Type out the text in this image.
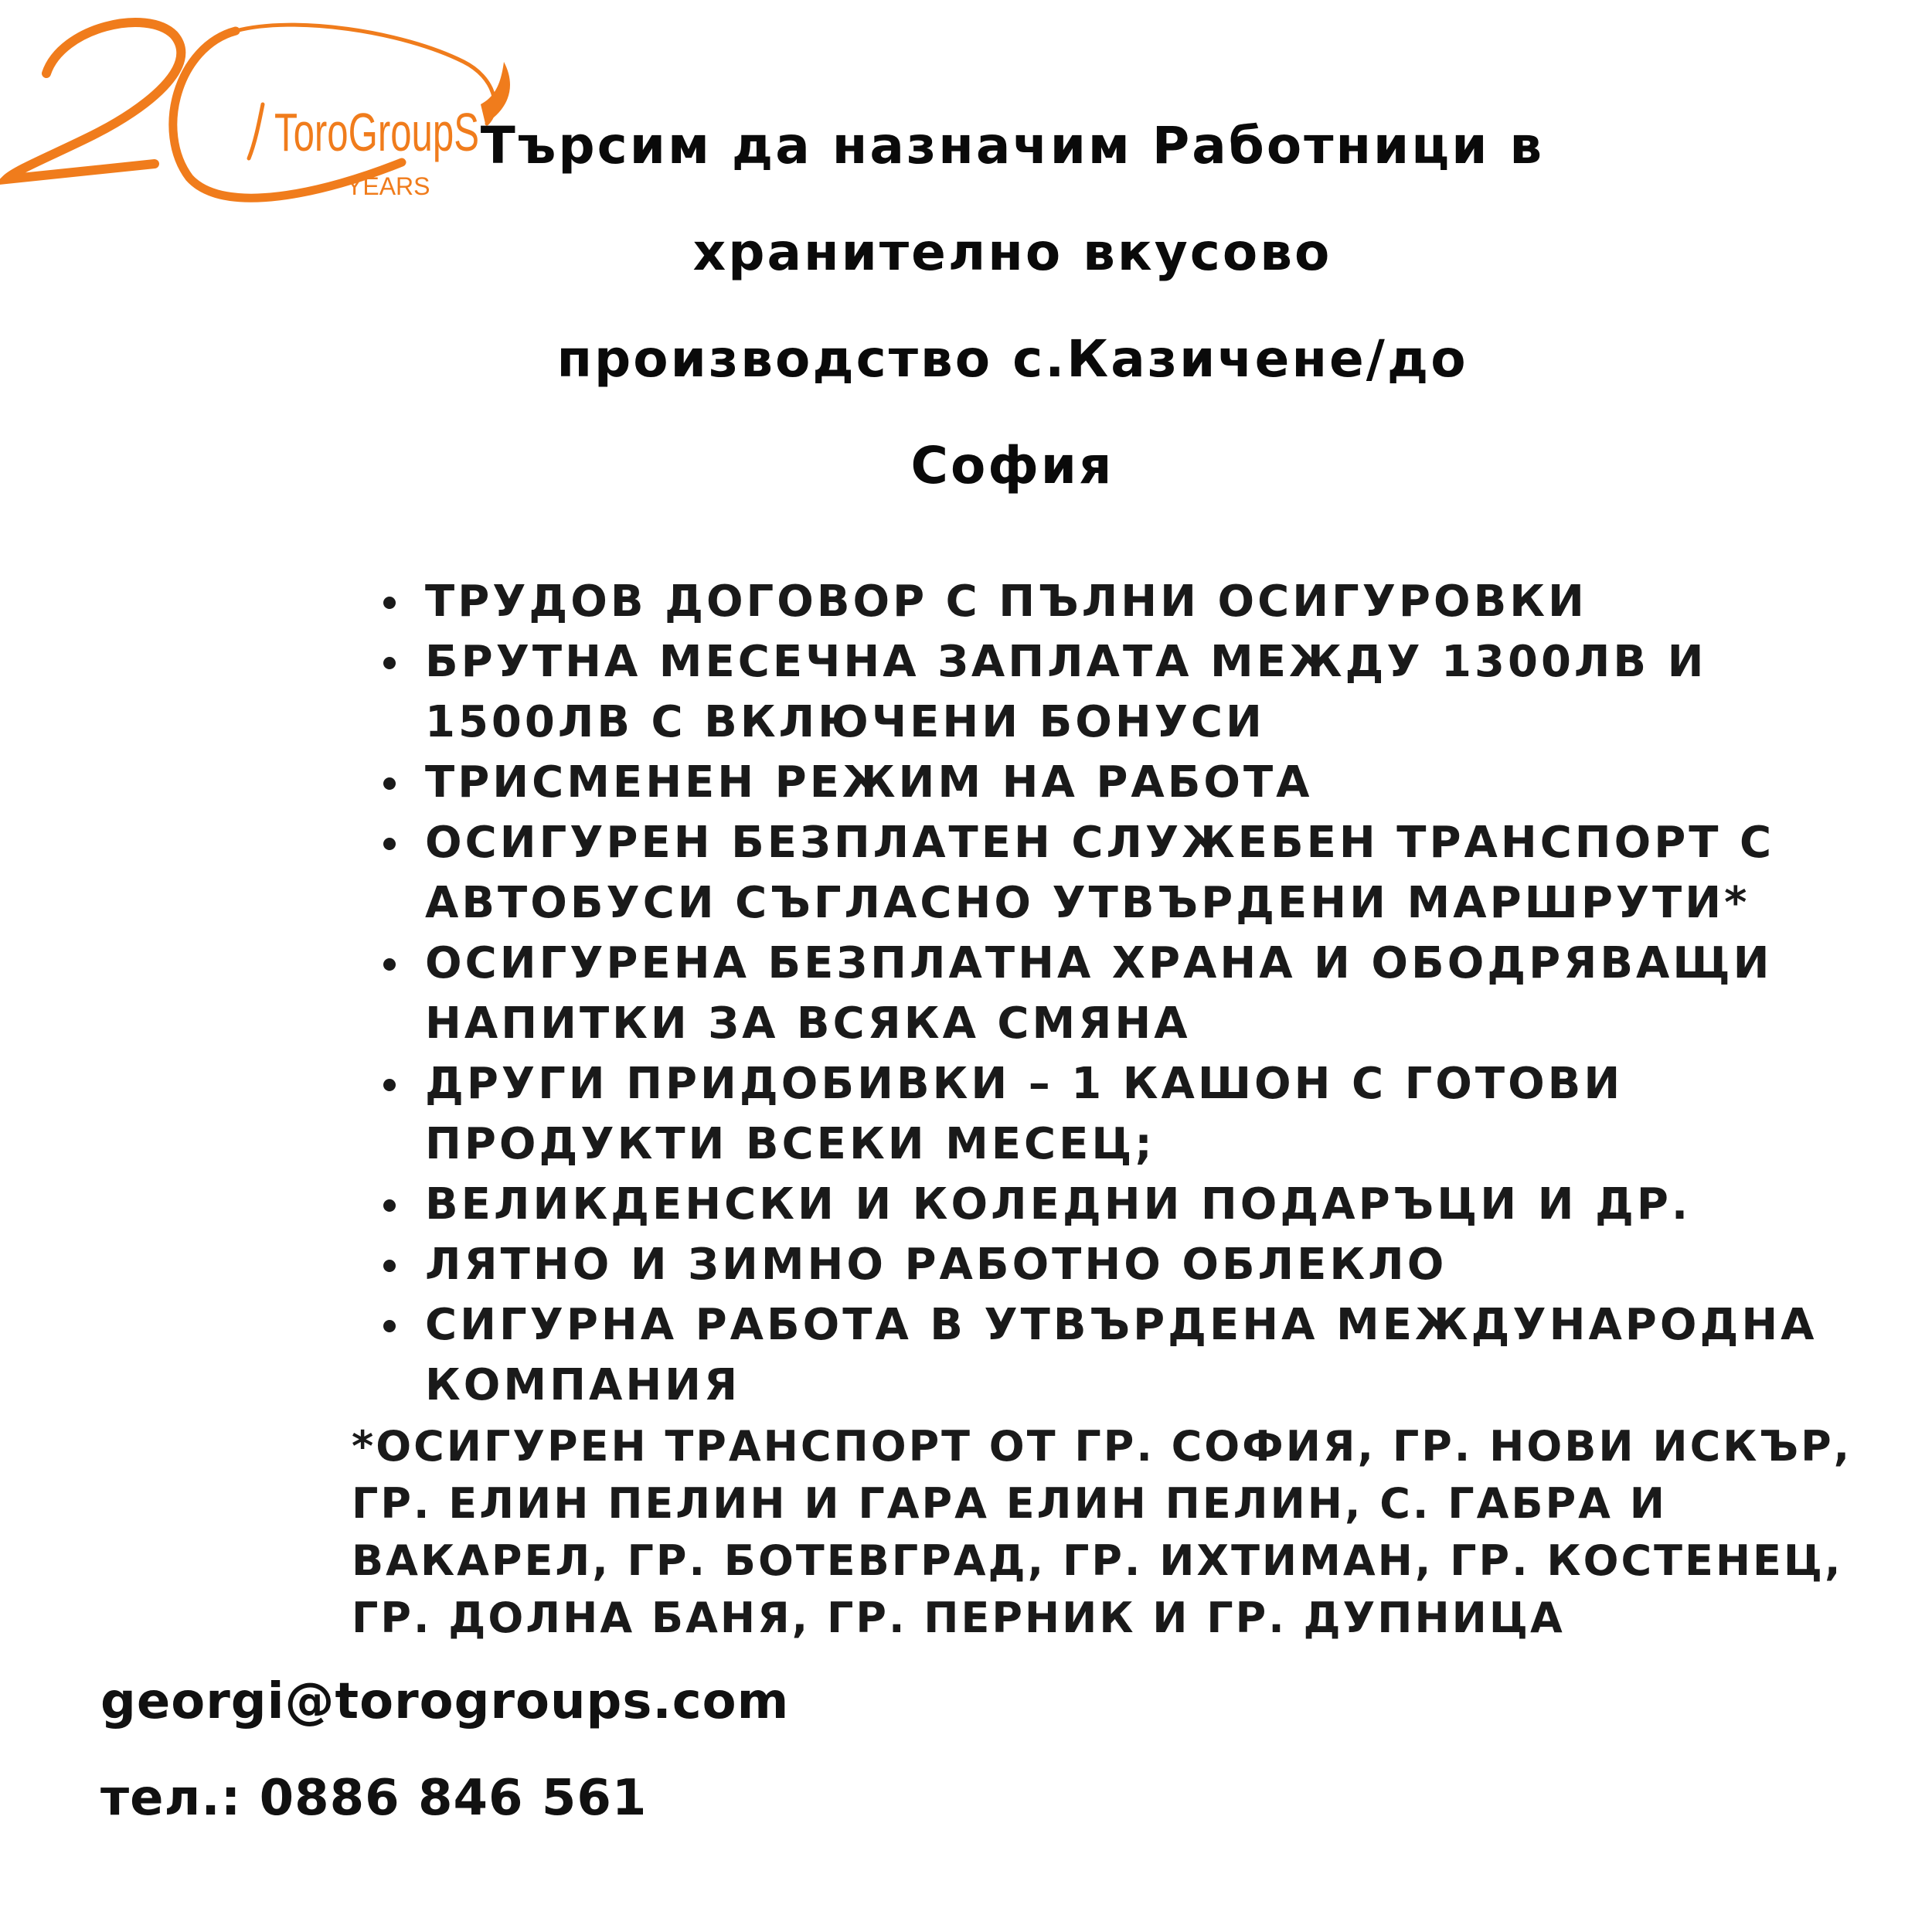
ToroGroupS
YEARS
Търсим да назначим Работници в
хранително вкусово
производство с.Казичене/до
София
ТРУДОВ ДОГОВОР С ПЪЛНИ ОСИГУРОВКИ
БРУТНА МЕСЕЧНА ЗАПЛАТА МЕЖДУ 1300ЛВ И
1500ЛВ С ВКЛЮЧЕНИ БОНУСИ
ТРИСМЕНЕН РЕЖИМ НА РАБОТА
ОСИГУРЕН БЕЗПЛАТЕН СЛУЖЕБЕН ТРАНСПОРТ С
АВТОБУСИ СЪГЛАСНО УТВЪРДЕНИ МАРШРУТИ*
ОСИГУРЕНА БЕЗПЛАТНА ХРАНА И ОБОДРЯВАЩИ
НАПИТКИ ЗА ВСЯКА СМЯНА
ДРУГИ ПРИДОБИВКИ – 1 КАШОН С ГОТОВИ
ПРОДУКТИ ВСЕКИ МЕСЕЦ;
ВЕЛИКДЕНСКИ И КОЛЕДНИ ПОДАРЪЦИ И ДР.
ЛЯТНО И ЗИМНО РАБОТНО ОБЛЕКЛО
СИГУРНА РАБОТА В УТВЪРДЕНА МЕЖДУНАРОДНА
КОМПАНИЯ
*ОСИГУРЕН ТРАНСПОРТ ОТ ГР. СОФИЯ, ГР. НОВИ ИСКЪР,
ГР. ЕЛИН ПЕЛИН И ГАРА ЕЛИН ПЕЛИН, С. ГАБРА И
ВАКАРЕЛ, ГР. БОТЕВГРАД, ГР. ИХТИМАН, ГР. КОСТЕНЕЦ,
ГР. ДОЛНА БАНЯ, ГР. ПЕРНИК И ГР. ДУПНИЦА
georgi@torogroups.com
тел.: 0886 846 561
